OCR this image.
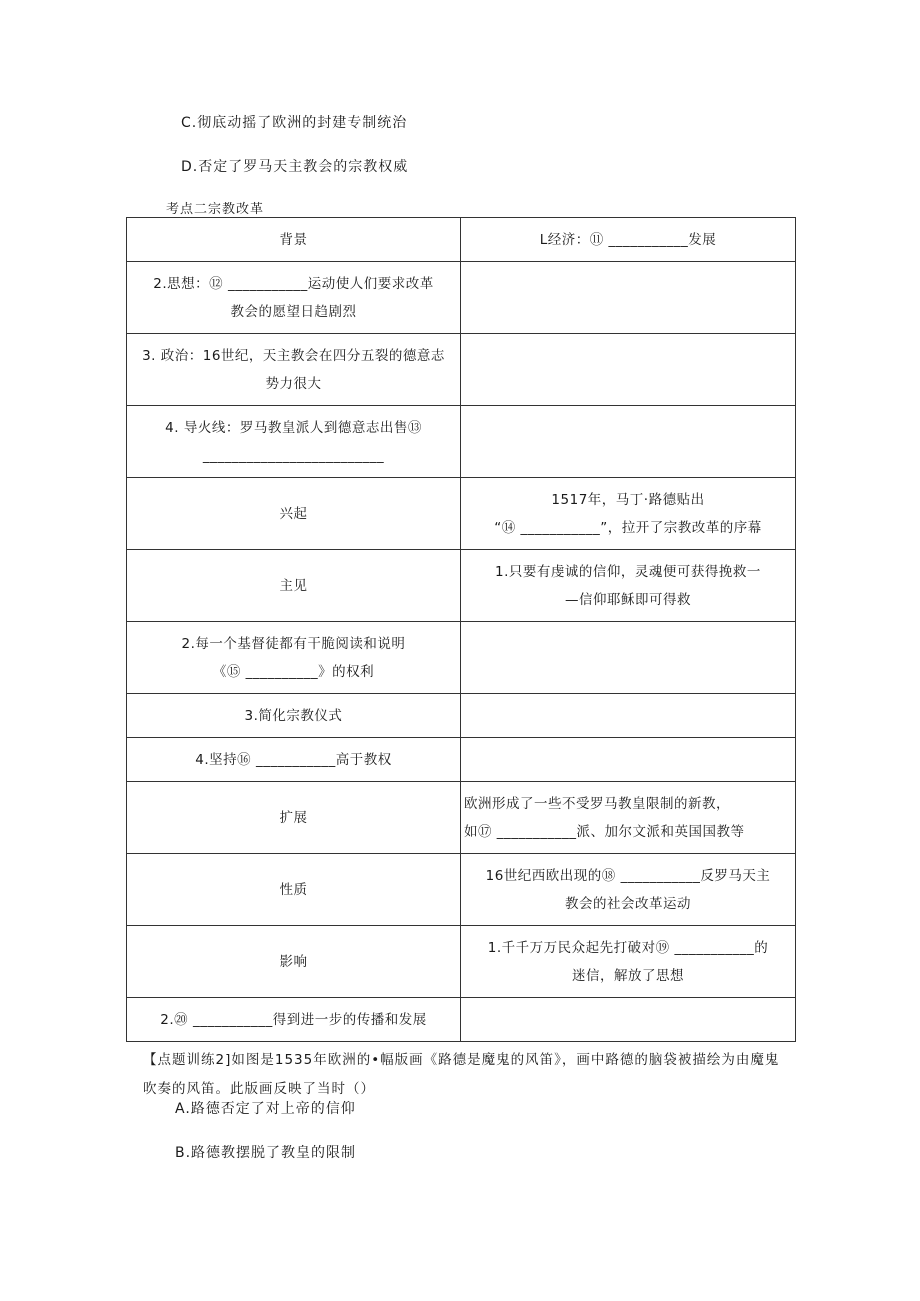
C.彻底动摇了欧洲的封建专制统治
D.否定了罗马天主教会的宗教权威
考点二宗教改革
背景	L经济：⑪ ___________发展

2.思想：⑫ ___________运动使人们要求改革
教会的愿望日趋剧烈	

3. 政治：16世纪，天主教会在四分五裂的德意志
势力很大	

4. 导火线：罗马教皇派人到德意志出售⑬
_________________________	

兴起	1517年，马丁·路德贴出
“⑭ ___________”，拉开了宗教改革的序幕

主见	1.只要有虔诚的信仰，灵魂便可获得挽救一
—信仰耶稣即可得救

2.每一个基督徒都有干脆阅读和说明
《⑮ __________》的权利	

3.简化宗教仪式	

4.坚持⑯ ___________高于教权	

扩展	欧洲形成了一些不受罗马教皇限制的新教，
如⑰ ___________派、加尔文派和英国国教等

性质	16世纪西欧出现的⑱ ___________反罗马天主
教会的社会改革运动

影响	1.千千万万民众起先打破对⑲ ___________的
迷信，解放了思想

2.⑳ ___________得到进一步的传播和发展	

【点题训练2]如图是1535年欧洲的•幅版画《路德是魔鬼的风笛》，画中路德的脑袋被描绘为由魔鬼吹奏的风笛。此版画反映了当时（）
A.路德否定了对上帝的信仰
B.路德教摆脱了教皇的限制
